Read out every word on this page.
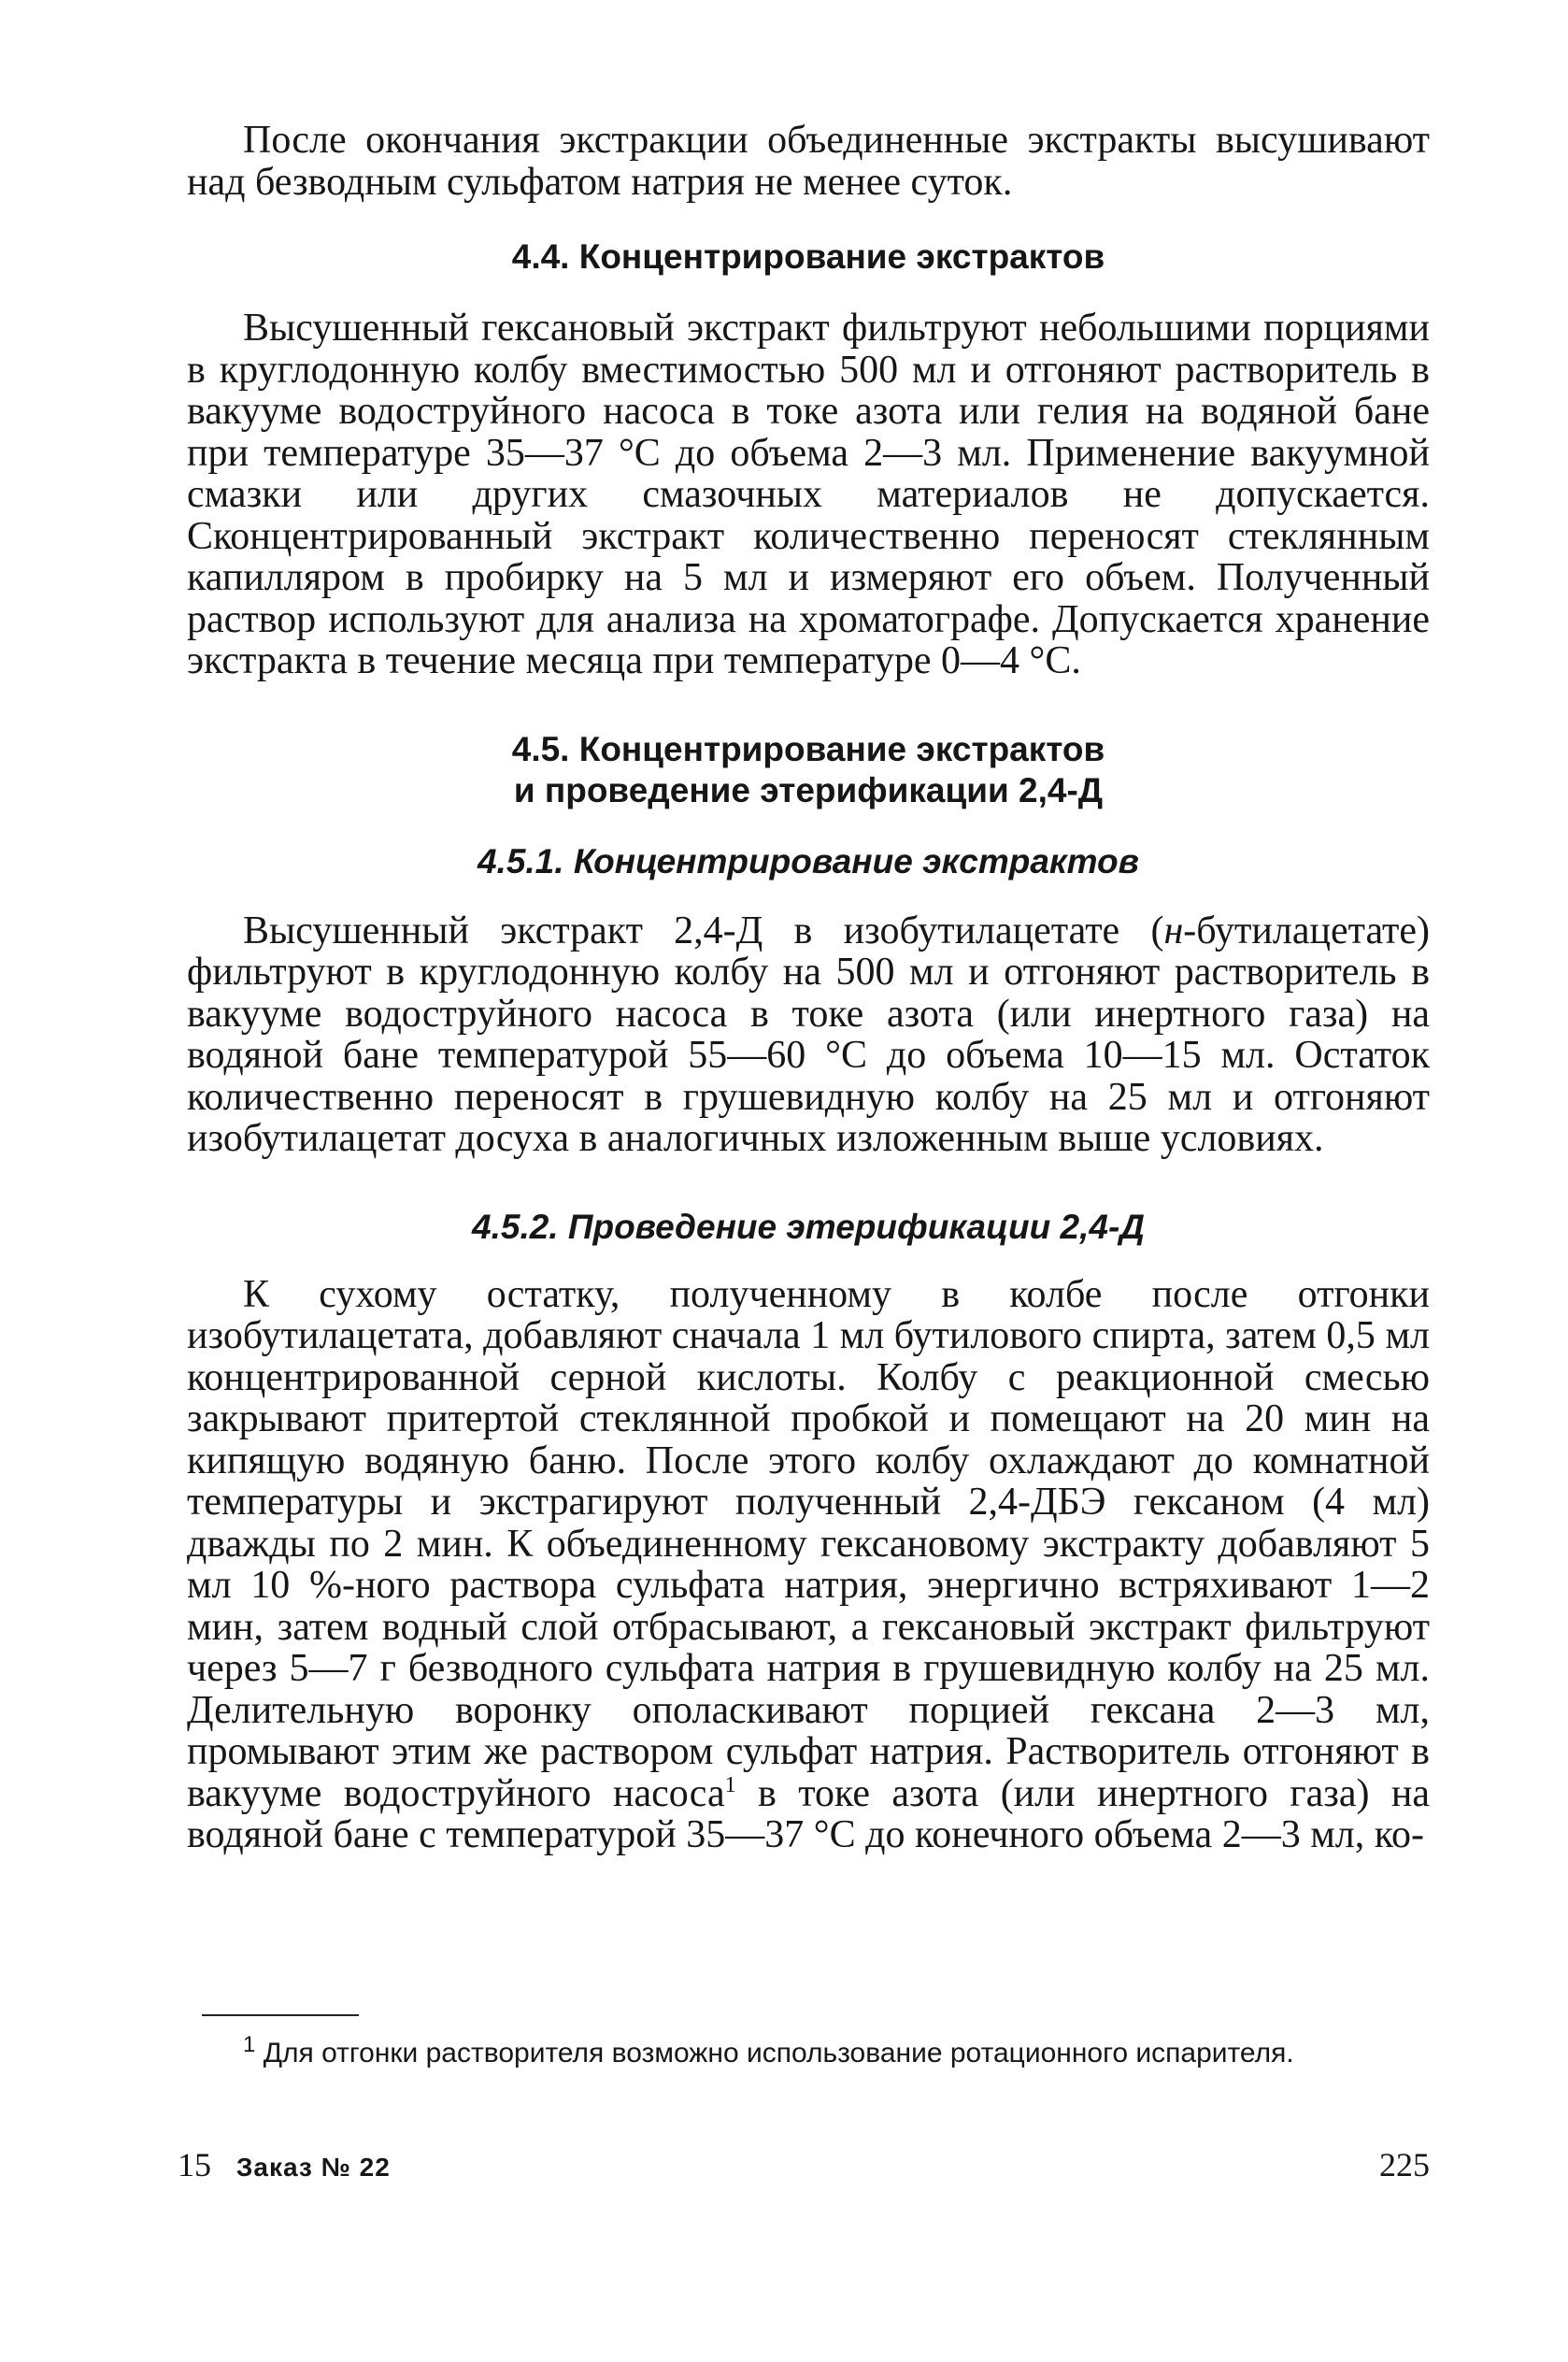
После окончания экстракции объединенные экстракты высушивают над безводным сульфатом натрия не менее суток.

4.4. Концентрирование экстрактов

Высушенный гексановый экстракт фильтруют небольшими порциями в круглодонную колбу вместимостью 500 мл и отгоняют растворитель в вакууме водоструйного насоса в токе азота или гелия на водяной бане при температуре 35—37 °С до объема 2—3 мл. Применение вакуумной смазки или других смазочных материалов не допускается. Сконцентрированный экстракт количественно переносят стеклянным капилляром в пробирку на 5 мл и измеряют его объем. Полученный раствор используют для анализа на хроматографе. Допускается хранение экстракта в течение месяца при температуре 0—4 °С.

4.5. Концентрирование экстрактов
и проведение этерификации 2,4-Д
4.5.1. Концентрирование экстрактов

Высушенный экстракт 2,4-Д в изобутилацетате (н-бутилацетате) фильтруют в круглодонную колбу на 500 мл и отгоняют растворитель в вакууме водоструйного насоса в токе азота (или инертного газа) на водяной бане температурой 55—60 °С до объема 10—15 мл. Остаток количественно переносят в грушевидную колбу на 25 мл и отгоняют изобутилацетат досуха в аналогичных изложенным выше условиях.

4.5.2. Проведение этерификации 2,4-Д

К сухому остатку, полученному в колбе после отгонки изобутилацетата, добавляют сначала 1 мл бутилового спирта, затем 0,5 мл концентрированной серной кислоты. Колбу с реакционной смесью закрывают притертой стеклянной пробкой и помещают на 20 мин на кипящую водяную баню. После этого колбу охлаждают до комнатной температуры и экстрагируют полученный 2,4-ДБЭ гексаном (4 мл) дважды по 2 мин. К объединенному гексановому экстракту добавляют 5 мл 10 %-ного раствора сульфата натрия, энергично встряхивают 1—2 мин, затем водный слой отбрасывают, а гексановый экстракт фильтруют через 5—7 г безводного сульфата натрия в грушевидную колбу на 25 мл. Делительную воронку ополаскивают порцией гексана 2—3 мл, промывают этим же раствором сульфат натрия. Растворитель отгоняют в вакууме водоструйного насоса$^1$ в токе азота (или инертного газа) на водяной бане с температурой 35—37 °С до конечного объема 2—3 мл, ко-

$^1$ Для отгонки растворителя возможно использование ротационного испарителя.
15 Заказ № 22	225
